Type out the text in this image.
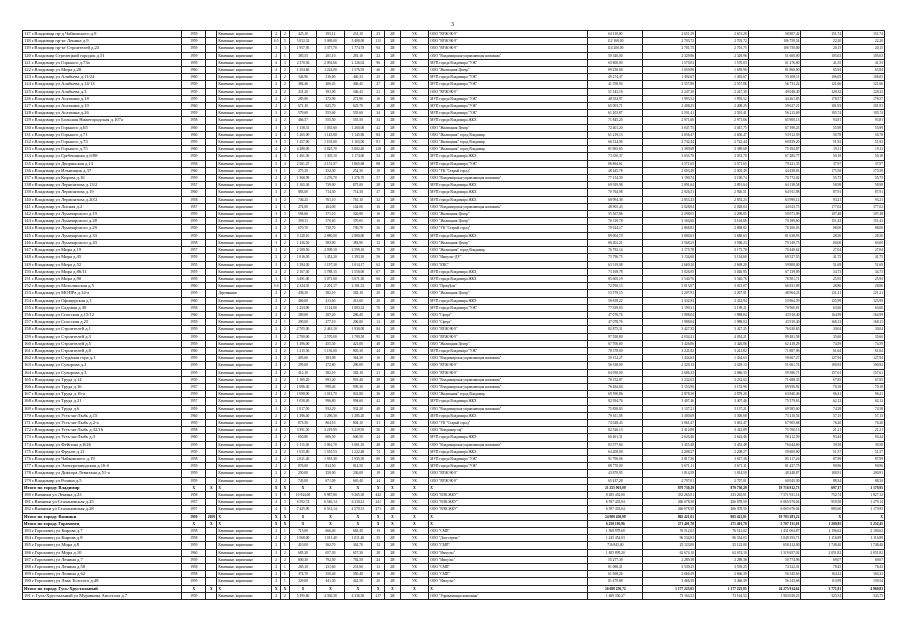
3
117 г.Владимир пр-д Чайковского д.9	1959		Каменные, кирпичные	2	2	425,10	393,12	231,10	23	2Я	УК	ООО "ВУЖЭК-9"	64 110,00	2 651,29	2 651,29	58 807,42	151,74	151,74
118 г.Владимир пр-кт Ленина д.9	1959		Каменные, кирпичные	4-5	5	5 052,32	3 069,00	3 480,00	113	2Я	УК	ООО "ВУЖЭК-9"	112 168,00	2 703,72	2 703,72	106 759,54	22,20	22,20
119 г.Владимир пр-кт Строителей д.23	1959		Каменные, кирпичные	3	3	1 957,95	1 377,70	1 774,78	94	2Я	УК	ООО "ВУЖЭК-9"	114 200,00	2 701,75	2 701,75	106 750,00	20,15	20,15
120 г.Владимир Стрелецкий городок д.51	1959		Каменные, кирпичные	2	1	385,55	281,10	281,10	22	2Я	УК	ООО "Владимирская управляющая компания"	50 340,00	2 329,96	2 329,96	51 600,00	105,63	105,63
121 г.Владимир ул Горького д.73а	1959		Каменные, кирпичные	4	3	2 370,56	2 092,66	2 126,02	96	2Я	УК	МУП города Владимира "УЖ"	65 800,00	1 570,03	1 570,03	61 276,00	41,55	41,55
122 г.Владимир ул Мира д.28	1960		Каменные, кирпичные	4	2	1 354,66	1 224,00	1 576,93	46	2Я	УК	ООО "Жилищник Центр"	89 250,00	1 659,96	1 659,96	81 860,00	65,94	65,94
123 г.Владимир ул Алябьева д.11/24	1960		Каменные, кирпичные	2	2	344,96	316,00	440,33	25	2Я	УК	МУП города Владимира "УЖ"	40 274,47	1 492,67	1 492,67	55 208,11	106,05	106,05
124 г.Владимир ул Алябьева д.14/13	1959		Каменные, кирпичные	2	2	384,46	406,45	406,45	27	2Я	УК	МУП города Владимира "УЖ"	41 558,94	2 557,86	2 557,86	56 733,22	121,66	121,66
125 г.Владимир ул Алябьева д.3	1959		Каменные, кирпичные	2	2	431,20	391,00	346,43	21	2Я	УК	ООО "ВУЖЭК-9"	51 543,16	2 247,30	2 247,30	49 048,40	128,32	128,32
126 г.Владимир ул Асаткина д.18	1959		Каменные, кирпичные	2	2	285,90	272,90	272,90	16	2Я	УК	МУП города Владимира "УЖ"	48 352,97	1 993,52	1 993,52	44 261,85	178,57	178,57
127 г.Владимир ул Асаткина д.19	1960		Каменные, кирпичные	2	2	671,10	625,70	625,70	28	2Я	УК	МУП города Владимира "УЖ"	65 003,71	2 408,25	2 408,25	59 627,21	101,93	101,93
128 г.Владимир ул Асаткина д.26	1959		Каменные, кирпичные	2	2	579,60	555,60	555,60	34	2Я	УК	МУП города Владимира "УЖ"	61 203,87	2 591,41	2 591,41	56 213,69	105,74	105,74
129 г.Владимир ул Большая Нижегородская д.107а	1958		Каменные, кирпичные	2	2	466,57	555,50	555,50	34	2Я	УК	МУП города Владимира ЖКХ	71 845,25	2 971,66	2 971,66	65 900,13	93,81	93,81
130 г.Владимир ул Горького д.65	1960		Каменные, кирпичные	3	3	1 138,31	1 035,60	1 260,00	42	2Я	УК	ООО "Жилищник Центр"	72 401,20	3 047,75	3 047,75	67 390,23	55,98	55,98
131 г.Владимир ул Горького д.71	1960		Каменные, кирпичные	2	2	1 265,00	1 145,80	1 145,80	84	2Я	УК	ООО "Жилищник" город Владимир	61 219,13	2 656,47	2 656,47	53 912,59	50,78	50,78
132 г.Владимир ул Горького д.73	1959		Каменные, кирпичные	3	3	1 257,00	1 103,00	1 103,00	81	2Я	УК	ООО "Жилищник" город Владимир	66 314,06	2 742,44	2 742,44	60 839,20	51,92	51,92
133 г.Владимир ул Горького д.75	1960		Каменные, кирпичные	4	2	4 288,00	3 825,70	3 802,40	128	2Я	УК	ООО "Жилищник" город Владимир	81 963,65	3 389,68	3 389,68	75 184,87	19,11	19,11
134 г.Владимир ул Гребенщика д.6/88	1959		Каменные, кирпичные	4	3	1 461,30	1 305,10	1 174,00	54	2Я	УК	МУП города Владимира ЖКХ	73 350,37	3 033,70	3 033,70	67 285,77	50,18	50,18
135 г.Владимир ул Дворянская д.13	1958		Каменные, кирпичные	3	4	2 261,47	2 151,07	1 865,68	88	2Я	УК	МУП города Владимира "УЖ"	86 864,61	3 571,65	3 571,65	79 221,35	37,97	37,97
136 г.Владимир ул Ильинщик д.37	1960		Каменные, кирпичные	3	1	275,30	252,30	252,30	10	2Я	УК	ООО "УК "Старый город"	48 445,78	2 003,49	2 003,49	44 438,81	175,58	175,58
137 г.Владимир ул Кирова д.16	1959		Каменные, кирпичные	2	2	1 368,99	1 276,70	1 276,70	57	2Я	УК	ООО "Владимирская управляющая компания"	77 154,59	3 190,74	3 190,74	70 772,02	55,75	55,75
138 г.Владимир ул Лермонтова д.13/2	1957		Каменные, кирпичные	2	2	1 165,36	739,00	875,00	28	2Я	УК	МУП города Владимира ЖКХ	69 929,98	2 891,64	2 891,64	64 138,58	58,98	58,98
139 г.Владимир ул Лермонтова д.19	1960		Каменные, кирпичные	3	2	883,00	714,30	714,30	47	2Я	УК	МУП города Владимира ЖКХ	70 764,98	2 926,51	2 926,51	64 911,98	87,91	87,91
140 г.Владимир ул Лермонтова д.20/2	1958		Каменные, кирпичные	3	2	746,25	761,10	761,10	32	2Я	УК	МУП города Владимира ЖКХ	68 994,38	2 853,23	2 853,23	63 990,12	93,21	93,21
141 г.Владимир ул Лисная д.2	1957		Каменные, кирпичные	2	1	274,00	264,00	144,00	16	2Я	УК	ООО "Владимирская управляющая компания"	48 905,43	2 028,04	2 028,04	44 923,75	177,02	177,02
142 г.Владимир ул Луначарского д.19	1959		Каменные, кирпичные	3	3	594,60	371,10	326,80	16	2Я	УК	ООО "Жилищник Центр"	55 567,86	2 298,05	2 298,05	50 971,99	107,48	107,48
143 г.Владимир ул Луначарского д.28	1959		Каменные, кирпичные	2	2	390,11	370,65	370,65	16	2Я	УК	ООО "Жилищник Центр"	76 318,78	3 164,66	3 164,66	70 189,60	151,43	151,43
144 г.Владимир ул Луначарского д.29	1959		Каменные, кирпичные	2	2	670,70	730,70	730,70	36	2Я	УК	ООО "УК "Старый город"	70 024,17	2 868,82	2 868,82	70 206,03	88,00	88,00
145 г.Владимир ул Луначарского д.33	1959		Каменные, кирпичные	4	3	3 120,10	2 880,00	2 880,00	88	2Я	УК	МУП города Владимира ЖКХ	89 004,19	3 680,63	3 680,63	81 638,93	28,50	28,50
146 г.Владимир ул Луначарского д.43	1958		Каменные, кирпичные	3	2	1 436,50	383,90	383,90	12	2Я	УК	ООО "Жилищник Центр"	86 202,21	3 568,23	3 568,23	79 149,75	60,00	60,00
147 г.Владимир ул Мира д.19	1957		Каменные, кирпичные	3	2	2 109,50	2 599,10	2 599,10	78	2Я	УК	ООО "Жилищник" город Владимир	76 792,14	3 175,78	3 175,78	70 440,62	27,04	27,04
148 г.Владимир ул Мира д.45	1959		Каменные, кирпичные	2	2	1 616,30	1 452,20	1 393,30	56	2Я	УК	ООО "Импульс-ДУ"	75 796,75	3 134,60	3 134,60	69 527,55	41,75	41,75
149 г.Владимир ул Мира д.52	1955		Каменные, кирпичные	2	2	1 394,30	1 197,30	1 014,17	62	2Я	УК	ООО "КВС"	63 319,08	2 669,20	2 669,20	59 800,00	51,69	51,69
150 г.Владимир ул Мира д.86/11	1959		Каменные, кирпичные	2	2	2 167,30	1 788,15	1 550,00	67	2Я	УК	МУП города Владимира ЖКХ	73 169,78	3 026,95	3 026,95	67 139,09	34,73	34,73
151 г.Владимир ул Мира д.90	1959		Каменные, кирпичные	3	3	3 491,00	3 071,00	3 071,30	60	2Я	УК	МУП города Владимира ЖКХ	85 605,19	3 540,76	3 540,76	78 501,71	25,95	25,95
152 г.Владимир ул Мозолинская д.5	1960		Каменные, кирпичные	3-4	3	2 324,35	2 201,17	2 181,52	108	2Я	УК	ООО "ПромДом"	72 950,13	3 013,07	3 013,07	66 831,09	28,86	28,86
153 г.Владимир ул МОПРа д.14-а	1959		Деревянные	2	2	438,30	382,10	382,10	20	2Я	УК	ООО "Жилищник Центр"	53 579,15	2 207,91	2 207,91	48 964,23	121,21	121,21
154 г.Владимир ул Офицерская д.1	1960		Каменные, кирпичные	2	2	466,60	413,60	413,60	20	2Я	УК	МУП города Владимира ЖКХ	58 818,22	2 432,94	2 432,94	53 964,59	125,99	125,99
155 г.Владимир ул Садовая д.30	1958		Каменные, кирпичные	2	2	1 234,00	1 114,00	1 083,32	76	2Я	УК	МУП города Владимира "УЖ"	77 339,03	3 199,21	3 199,21	70 960,81	63,60	63,60
156 г.Владимир ул Спасская д.15/12	1960		Каменные, кирпичные	2	2	309,00	287,20	286,40	16	2Я	УК	ООО "Сфера"	47 078,76	1 988,04	1 988,04	43 910,40	164,99	164,99
157 г.Владимир ул Спасская д.25	1959		Каменные, кирпичные	2	1	290,00	277,10	206,80	12	2Я	УК	ООО "Сфера"	47 078,76	1 988,04	1 988,04	43 910,40	168,13	168,13
158 г.Владимир ул Строителей д.1	1959		Каменные, кирпичные	2	2	2 705,00	2 461,10	1 930,00	84	2Я	УК	ООО "ВУЖЭК-9"	82 875,31	3 427,35	3 427,35	76 020,65	30,04	30,04
159 г.Владимир ул Строителей д.3	1959		Каменные, кирпичные	2	2	2 700,00	2 570,00	1 789,50	95	2Я	УК	ООО "ВУЖЭК-9"	97 558,80	4 034,21	4 034,21	89 481,58	35,60	35,60
160 г.Владимир ул Строителей д.5	1959		Каменные, кирпичные	2	2	1 496,00	455,30	421,00	48	2Я	УК	ООО "Жилищник Центр"	67 700,00	3 426,86	3 426,86	62 418,29	74,59	74,59
161 г.Владимир ул Строителей д.8	1960		Каменные, кирпичные	2	2	1 215,56	1 156,00	805,30	44	2Я	УК	МУП города Владимира "УЖ"	78 378,00	3 241,82	3 241,82	71 887,96	61,64	61,64
162 г.Владимир ул Студёная гора д.1	1959		Каменные, кирпичные	2	2	405,60	383,08	364,30	16	2Я	УК	ООО "Владимирская управляющая компания"	59 152,27	1 434,63	1 434,63	59 667,27	127,94	127,94
163 г.Владимир ул Суворова д.2	1959		Каменные, кирпичные	2	2	295,60	272,80	290,00	16	2Я	УК	ООО "ВУЖЭК-9"	56 338,00	2 329,13	2 329,13	51 661,74	190,92	190,92
164 г.Владимир ул Суворова д.3	1959		Каменные, кирпичные	2	2	412,10	382,10	382,10	21	2Я	УК	ООО "ВУЖЭК-9"	64 950,00	2 686,33	2 686,33	59 586,71	157,61	157,61
165 г.Владимир ул Труда д.14	1959		Каменные, кирпичные	2	2	1 185,20	991,40	991,40	38	2Я	УК	ООО "Владимирская управляющая компания"	78 152,87	3 232,02	3 232,02	71 688,35	67,85	67,85
166 г.Владимир ул Труда д.16	1957		Каменные, кирпичные	2	2	1 086,30	999,40	999,30	40	2Я	УК	ООО "Владимирская управляющая компания"	76 264,04	3 153,96	3 153,96	69 956,92	70,18	70,18
167 г.Владимир ул Труда д.16-а	1959		Каменные, кирпичные	2	2	1 098,00	1 015,70	941,80	36	2Я	УК	ООО "Жилищник" город Владимир	69 590,86	2 878,20	2 878,20	63 840,46	96,41	96,41
168 г.Владимир ул Труда д.21	1957		Каменные, кирпичные	2	2	1 058,40	996,80	994,60	42	2Я	УК	МУП города Владимира ЖКХ	82 394,76	3 407,46	3 407,46	75 579,63	62,12	62,12
169 г.Владимир ул Труда д.6	1959		Каменные, кирпичные	2	2	1 017,50	932,20	932,20	40	2Я	УК	ООО "Владимирская управляющая компания"	75 838,83	3 137,21	3 137,21	69 585,60	74,58	74,58
170 г.Владимир ул Усть-на-Лыбь д.15	1960		Каменные, кирпичные	2	2	1 396,40	1 290,30	1 285,20	64	2Я	УК	МУП города Владимира ЖКХ	79 611,58	3 300,68	3 300,68	73 210,54	57,15	57,15
171 г.Владимир ул Усть-на-Лыбь д.2-а	1959		Каменные, кирпичные	2	2	873,50	804,10	804,10	31	2Я	УК	ООО "УК "Старый город"	74 028,43	3 061,47	3 061,47	67 905,68	76,20	76,20
172 г.Владимир ул Усть-на-Лыбь д.32/16	1958		Каменные, кирпичные	4	3	3 591,50	3 219,95	3 219,95	56	2Я	УК	ООО "Владимир-оф"	82 526,13	3 412,89	3 412,89	75 700,15	21,21	21,21
173 г.Владимир ул Усть-на-Лыбь д.3	1960		Каменные, кирпичные	2	2	650,80	606,50	606,50	24	2Я	УК	МУП города Владимира ЖКХ	60 461,31	2 624,46	2 624,46	58 212,59	93,44	93,44
174 г.Владимир ул Фейгина д.8/26	1959		Каменные, кирпичные	2	2	1 115,30	1 061,70	1 061,10	48	2Я	УК	ООО "Владимирская управляющая компания"	83 577,84	3 455,48	3 455,48	76 644,60	39,58	39,58
175 г.Владимир ул Фрунзе д.21	1959		Каменные, кирпичные	2	2	1 635,80	1 555,53	1 222,48	74	2Я	УК	МУП города Владимира ЖКХ	64 200,00	2 208,27	2 208,27	59 600,00	51,57	51,57
176 г.Владимир ул Чайковского д.19	1958		Каменные, кирпичные	2	2	2 021,40	1 935,30	1 935,30	80	2Я	УК	МУП города Владимира "УЖ"	91 796,06	3 817,36	3 817,36	85 117,26	87,99	87,99
177 г.Владимир ул Электрозаводская д.16-б	1959		Каменные, кирпичные	2	2	876,00	814,50	814,50	24	2Я	УК	МУП города Владимира "УЖ"	88 770,00	3 671,11	3 671,11	81 427,75	90,96	90,96
178 г.Владимир ул Диктора Левитана д.51-а	1959		Каменные, кирпичные	2	2	250,00	250,00	236,00	18	2Я	УК	ООО "ВУЖЭК-9"	43 870,95	1 814,59	1 814,59	40 248,87	180,91	200,91
179 г.Владимир ул Розина д.5	1959		Каменные, кирпичные	2	2	743,00	671,00	665,40	24	2Я	УК	ООО "ВУЖЭК-9"	65 437,28	2 707,01	2 707,01	60 043,30	88,34	88,34
Итого по городу Владимир	X	X	X	X	X	X	X	X	X	X	X	X	21 255 901,09	879 730,29	879 730,29	19 716 812,73	697,37	1 179,95
180 г.Вязники ул Ленина д.23	1958		Каменные, кирпичные	3	5	10 944,00	9 987,80	9 265,30	442	2Я	УК	ООО "ВЭК ЖКУ"	8 285 452,00	333 265,01	333 265,01	7 571 931,14	752,74	1 827,12
181 г.Вязники ул Стахановская д.25	1957		Каменные, кирпичные	4	3	6 592,74	6 546,14	6 230,41	241	2Я	УК	ООО "ВЭК ЖКУ"	6 597 433,04	266 078,50	266 078,50	6 065 676,04	959,58	1 279,14
182 г.Вязники ул Стахановская д.28	1957		Каменные, кирпичные	4	3	7 425,90	6 531,14	4 570,31	271	2Я	УК	ООО "ВЭК ЖКУ"	6 597 433,04	266 078,50	266 078,50	6 065 676,04	885,60	1 179,95
Итого по городу Вязники	1959	2059	X	X	X	X	X	X	X	X	X	X	24 980 450,09	865 421,01	865 421,01	19 703 283,22	X	X
Итого по городу Гороховец	X	X	X	X	X	X	X	X	X	X	X	X	6 250 105,96	271 401,70	271 401,70	5 707 131,01	1 200,95	5 252,45
183 г.Гороховец ул Кирова д.7	1958		Каменные, кирпичные	2	1	715,00	666,40	665,40	19	2Я	УК	ООО "СМП"	1 569 978,60	76 512,02	76 512,02	1 431 004,87	2 196,62	2 196,62
184 г.Гороховец ул Кирова д.8	1958		Каменные, кирпичные	2	2	1 068,00	1 011,40	1 011,40	35	2Я	УК	ООО "Дом-сервис"	1 245 452,03	96 534,03	96 534,03	1 049 193,71	1 116,89	1 116,89
185 г.Гороховец ул Мира д.8	1959		Каменные, кирпичные	2	1	410,00	362,70	362,70	12	2Я	УК	ООО "СМП"	716 843,00	25 123,00	25 123,00	658 412,00	1 748,40	1 748,40
186 г.Гороховец ул Мира д.10	1960		Каменные, кирпичные	2	2	685,20	657,30	657,30	28	2Я	УК	ООО "Импульс"	1 405 895,20	62 674,10	62 674,10	1 319 657,02	2 051,82	2 051,82
187 г.Гороховец ул Ленина д.7	1959		Каменные, кирпичные	2	2	800,30	792,50	792,50	24	2Я	УК	ООО "Импульс"	55 277,39	2 289,38	2 289,38	50 774,96	69,07	69,07
188 г.Гороховец ул Ленина д.58	1958		Каменные, кирпичные	2	1	265,10	231,60	231,60	12	2Я	УК	ООО "СМП"	81 088,41	3 539,25	3 539,25	74 522,01	78,45	78,45
189 г.Гороховец ул Ленина д.62	1958		Каменные, кирпичные	2	1	374,70	350,40	350,40	16	2Я	УК	ООО "СМП"	61 568,26	2 666,39	2 666,39	56 545,65	164,32	164,32
190 г.Гороховец ул Льва Толстого д.48	1959		Каменные, кирпичные	2	1	329,60	441,30	442,50	20	2Я	УК	ООО "Импульс"	81 479,88	3 466,39	3 466,39	56 143,68	113,99	139,54
Итого по городу Гусь-Хрустальный	X	X	X	X	X	X	X	X	X	X	X	X	26 680 250,72	1 177 225,05	1 177 225,05	24 275 914,62	3 771,81	4 969,83
191 г. Гусь-Хрустальный ул Муравьева Апостола д.7	1959		Каменные, кирпичные	2	2	5 395,60	4 336,30	4 336,30	217	2Я	УК	ООО "Управляющая компания"	1 469 350,27	73 164,52	73 164,52	1 903 020,23	325,54	343,75
